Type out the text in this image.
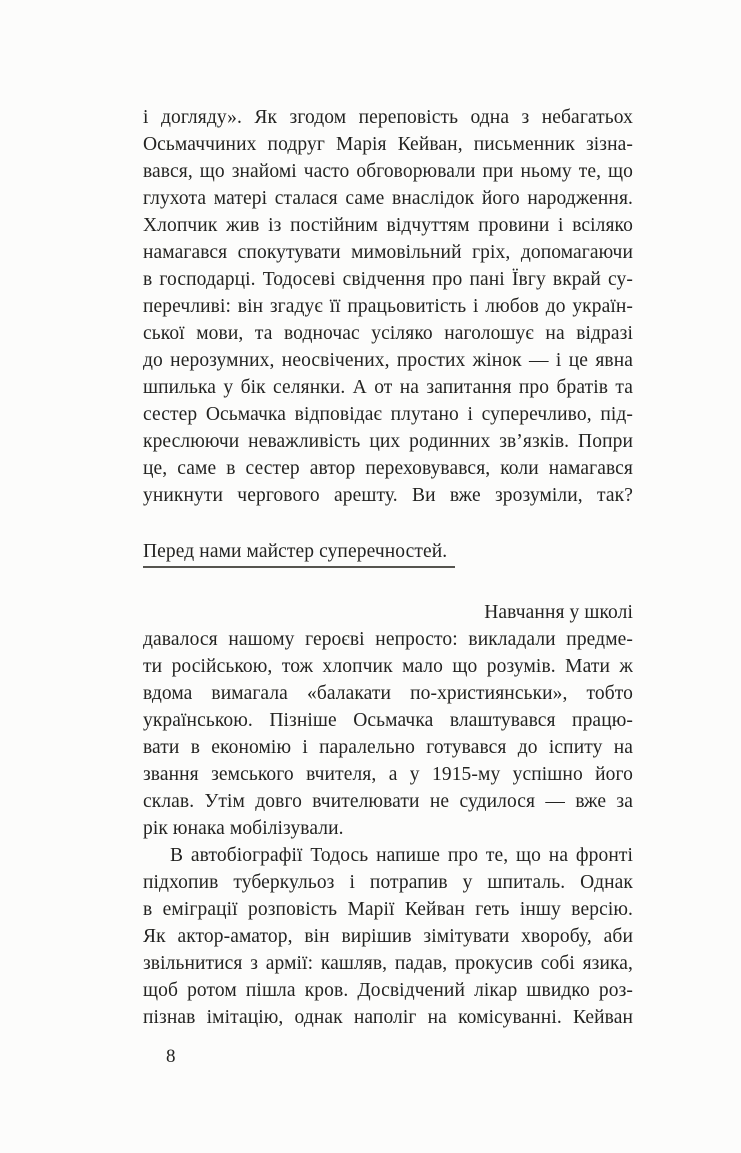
і догляду». Як згодом переповість одна з небагатьох
Осьмаччиних подруг Марія Кейван, письменник зізна-
вався, що знайомі часто обговорювали при ньому те, що
глухота матері сталася саме внаслідок його народження.
Хлопчик жив із постійним відчуттям провини і всіляко
намагався спокутувати мимовільний гріх, допомагаючи
в господарці. Тодосеві свідчення про пані Ївгу вкрай су-
перечливі: він згадує її працьовитість і любов до україн-
ської мови, та водночас усіляко наголошує на відразі
до нерозумних, неосвічених, простих жінок — і це явна
шпилька у бік селянки. А от на запитання про братів та
сестер Осьмачка відповідає плутано і суперечливо, під-
креслюючи неважливість цих родинних зв’язків. Попри
це, саме в сестер автор переховувався, коли намагався
уникнути чергового арешту. Ви вже зрозуміли, так?
Перед нами майстер суперечностей.
Навчання у школі
давалося нашому героєві непросто: викладали предме-
ти російською, тож хлопчик мало що розумів. Мати ж
вдома вимагала «балакати по-християнськи», тобто
українською. Пізніше Осьмачка влаштувався працю-
вати в економію і паралельно готувався до іспиту на
звання земського вчителя, а у 1915-му успішно його
склав. Утім довго вчителювати не судилося — вже за
рік юнака мобілізували.
В автобіографії Тодось напише про те, що на фронті
підхопив туберкульоз і потрапив у шпиталь. Однак
в еміграції розповість Марії Кейван геть іншу версію.
Як актор-аматор, він вирішив зімітувати хворобу, аби
звільнитися з армії: кашляв, падав, прокусив собі язика,
щоб ротом пішла кров. Досвідчений лікар швидко роз-
пізнав імітацію, однак наполіг на комісуванні. Кейван
8
